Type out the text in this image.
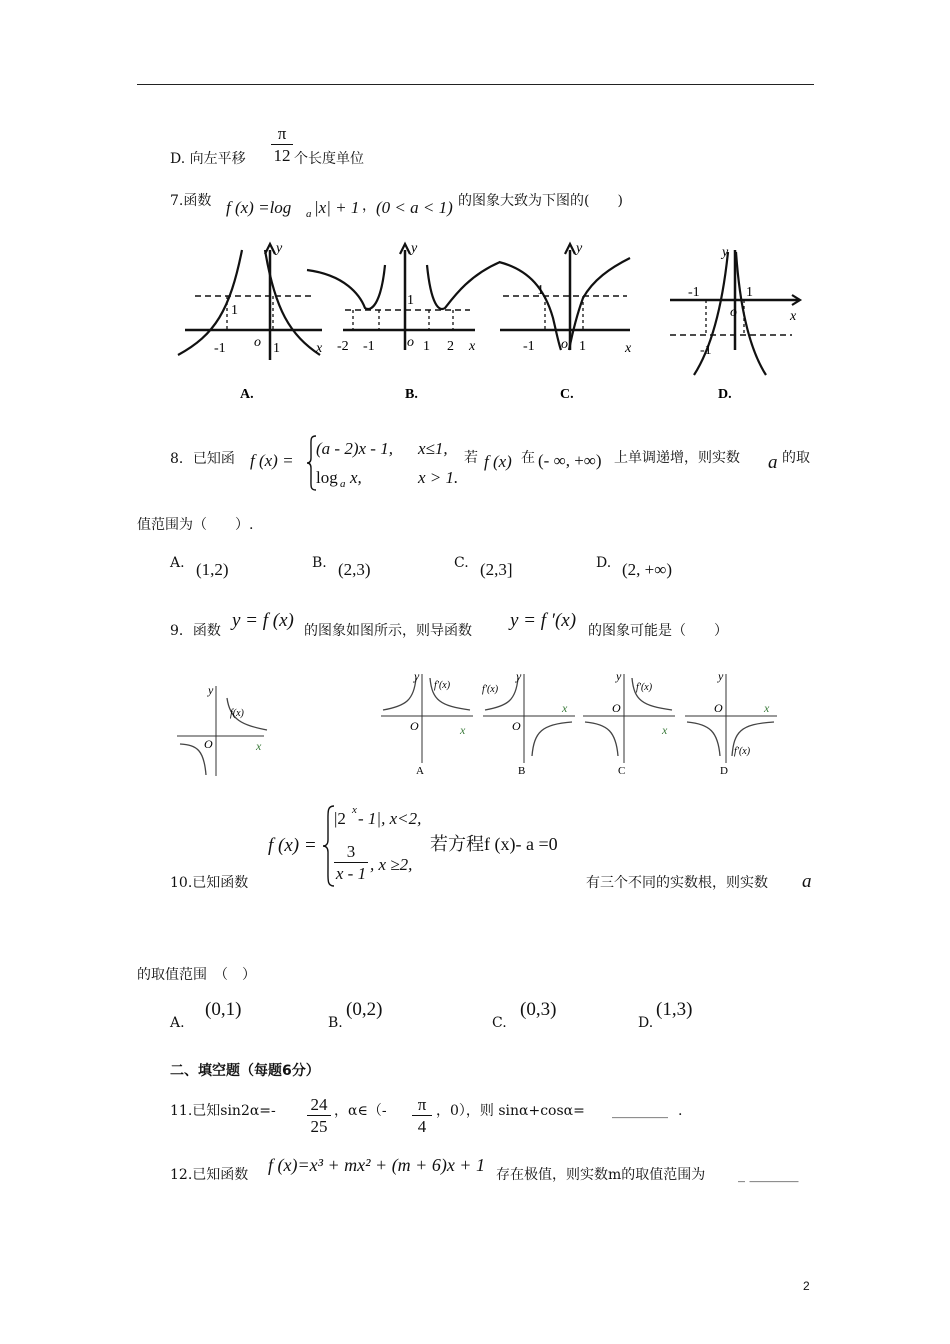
D. 向左平移
π
12 个长度单位
7.函数 f (x) =log a |x| + 1 ， (0 < a < 1) 的图象大致为下图的(　　)
y
x
o
-1	1
1
A.
y
x
1
o
-2 -1	1 2
B.
y
x
1
o
-1	1
C.
y
x
-1	1
o
-1
D.
8．已知函 f (x) =
(a - 2)x - 1, x≤1,
log a x,	x > 1.
若 f (x) 在 (- ∞, +∞) 上单调递增，则实数 a 的取
值范围为（　　）.
A. (1,2)	B. (2,3)	C. (2,3]	D. (2, +∞)
9．函数 y = f (x) 的图象如图所示，则导函数 y = f ′(x) 的图象可能是（　　）
y
x
O
f(x)
y
x
O
f′(x)
A
y
x
O
f′(x)
B
y
x
O
f′(x)
C
y
x
O
f′(x)
D
f (x) =
|2 x - 1|, x<2,
3
x - 1 , x ≥2,
若方程f (x)- a =0
10.已知函数	有三个不同的实数根，则实数 a
的取值范围　（　）
A.
(0,1)
B.
(0,2)
C.
(0,3)
D.
(1,3)
二、填空题（每题6分）
11.已知sin2α=- 24
25
，α∈（-	π
4
，0），则 sinα+cosα= ________ .
12.已知函数 f (x)=x³ + mx² + (m + 6)x + 1 存在极值，则实数m的取值范围为 _ _______
2
